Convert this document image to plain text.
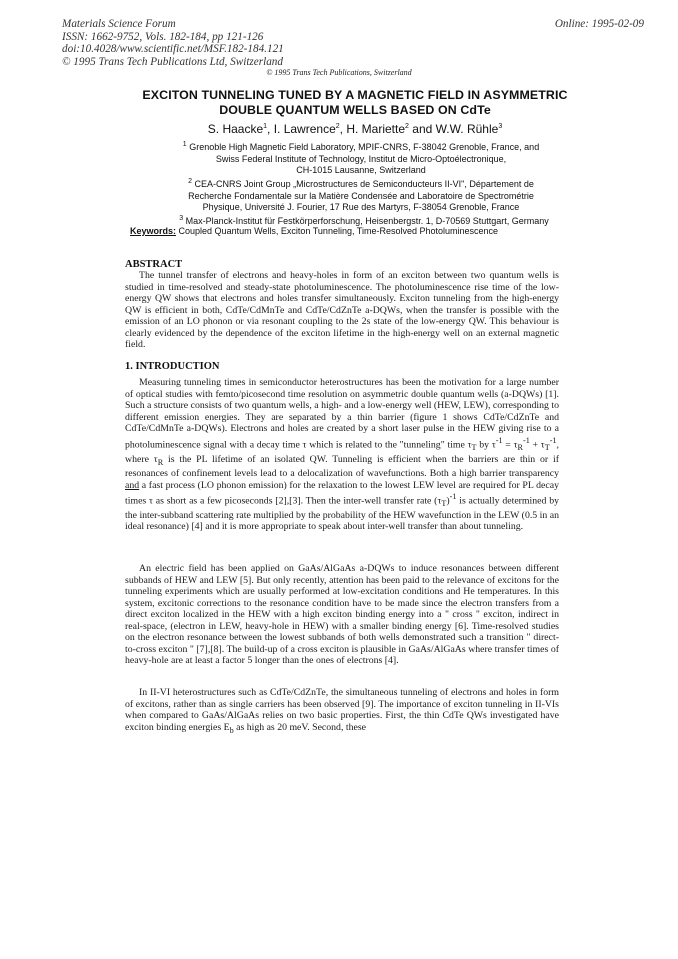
Materials Science Forum
ISSN: 1662-9752, Vols. 182-184, pp 121-126
doi:10.4028/www.scientific.net/MSF.182-184.121
© 1995 Trans Tech Publications Ltd, Switzerland
Online: 1995-02-09
© 1995 Trans Tech Publications, Switzerland
EXCITON TUNNELING TUNED BY A MAGNETIC FIELD IN ASYMMETRIC
DOUBLE QUANTUM WELLS BASED ON CdTe
S. Haacke$^1$, I. Lawrence$^2$, H. Mariette$^2$ and W.W. Rühle$^3$
$^1$ Grenoble High Magnetic Field Laboratory, MPIF-CNRS, F-38042 Grenoble, France, and
Swiss Federal Institute of Technology, Institut de Micro-Optoélectronique,
CH-1015 Lausanne, Switzerland
$^2$ CEA-CNRS Joint Group „Microstructures de Semiconducteurs II-VI", Département de
Recherche Fondamentale sur la Matière Condensée and Laboratoire de Spectrométrie
Physique, Université J. Fourier, 17 Rue des Martyrs, F-38054 Grenoble, France
$^3$ Max-Planck-Institut für Festkörperforschung, Heisenbergstr. 1, D-70569 Stuttgart, Germany
Keywords: Coupled Quantum Wells, Exciton Tunneling, Time-Resolved Photoluminescence
ABSTRACT
The tunnel transfer of electrons and heavy-holes in form of an exciton between two quantum wells is studied in time-resolved and steady-state photoluminescence. The photoluminescence rise time of the low-energy QW shows that electrons and holes transfer simultaneously. Exciton tunneling from the high-energy QW is efficient in both, CdTe/CdMnTe and CdTe/CdZnTe a-DQWs, when the transfer is possible with the emission of an LO phonon or via resonant coupling to the 2s state of the low-energy QW. This behaviour is clearly evidenced by the dependence of the exciton lifetime in the high-energy well on an external magnetic field.
1. INTRODUCTION
Measuring tunneling times in semiconductor heterostructures has been the motivation for a large number of optical studies with femto/picosecond time resolution on asymmetric double quantum wells (a-DQWs) [1]. Such a structure consists of two quantum wells, a high- and a low-energy well (HEW, LEW), corresponding to different emission energies. They are separated by a thin barrier (figure 1 shows CdTe/CdZnTe and CdTe/CdMnTe a-DQWs). Electrons and holes are created by a short laser pulse in the HEW giving rise to a photoluminescence signal with a decay time τ which is related to the "tunneling" time $\tau_T$ by $\tau^{-1} = \tau_R^{-1} + \tau_T^{-1}$, where $\tau_R$ is the PL lifetime of an isolated QW. Tunneling is efficient when the barriers are thin or if resonances of confinement levels lead to a delocalization of wavefunctions. Both a high barrier transparency and a fast process (LO phonon emission) for the relaxation to the lowest LEW level are required for PL decay times τ as short as a few picoseconds [2],[3]. Then the inter-well transfer rate $(\tau_T)^{-1}$ is actually determined by the inter-subband scattering rate multiplied by the probability of the HEW wavefunction in the LEW (0.5 in an ideal resonance) [4] and it is more appropriate to speak about inter-well transfer than about tunneling.
An electric field has been applied on GaAs/AlGaAs a-DQWs to induce resonances between different subbands of HEW and LEW [5]. But only recently, attention has been paid to the relevance of excitons for the tunneling experiments which are usually performed at low-excitation conditions and He temperatures. In this system, excitonic corrections to the resonance condition have to be made since the electron transfers from a direct exciton localized in the HEW with a high exciton binding energy into a " cross " exciton, indirect in real-space, (electron in LEW, heavy-hole in HEW) with a smaller binding energy [6]. Time-resolved studies on the electron resonance between the lowest subbands of both wells demonstrated such a transition " direct-to-cross exciton " [7],[8]. The build-up of a cross exciton is plausible in GaAs/AlGaAs where transfer times of heavy-hole are at least a factor 5 longer than the ones of electrons [4].
In II-VI heterostructures such as CdTe/CdZnTe, the simultaneous tunneling of electrons and holes in form of excitons, rather than as single carriers has been observed [9]. The importance of exciton tunneling in II-VIs when compared to GaAs/AlGaAs relies on two basic properties. First, the thin CdTe QWs investigated have exciton binding energies $E_b$ as high as 20 meV. Second, these
